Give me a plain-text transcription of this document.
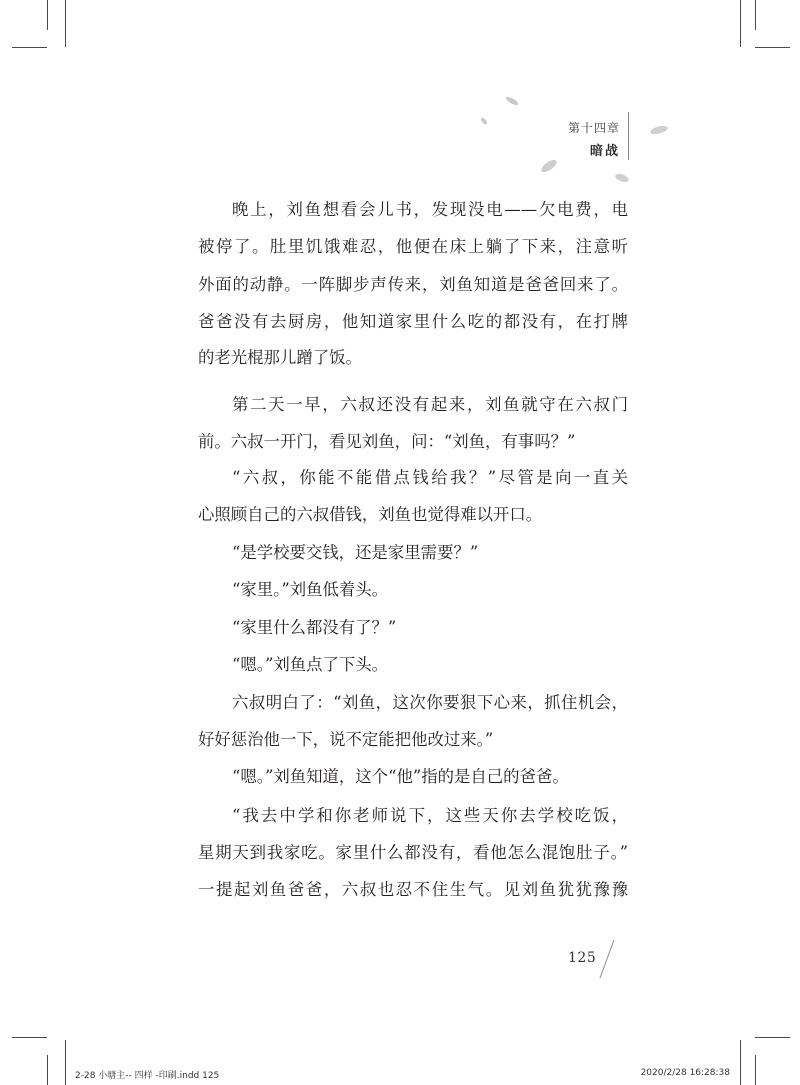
第十四章
暗战
晚上，刘鱼想看会儿书，发现没电——欠电费，电
被停了。肚里饥饿难忍，他便在床上躺了下来，注意听
外面的动静。一阵脚步声传来，刘鱼知道是爸爸回来了。
爸爸没有去厨房，他知道家里什么吃的都没有，在打牌
的老光棍那儿蹭了饭。
第二天一早，六叔还没有起来，刘鱼就守在六叔门
前。六叔一开门，看见刘鱼，问：“刘鱼，有事吗？”
“六叔，你能不能借点钱给我？”尽管是向一直关
心照顾自己的六叔借钱，刘鱼也觉得难以开口。
“是学校要交钱，还是家里需要？”
“家里。”刘鱼低着头。
“家里什么都没有了？”
“嗯。”刘鱼点了下头。
六叔明白了：“刘鱼，这次你要狠下心来，抓住机会，
好好惩治他一下，说不定能把他改过来。”
“嗯。”刘鱼知道，这个“他”指的是自己的爸爸。
“我去中学和你老师说下，这些天你去学校吃饭，
星期天到我家吃。家里什么都没有，看他怎么混饱肚子。”
一提起刘鱼爸爸，六叔也忍不住生气。见刘鱼犹犹豫豫
125
2-28 小塘主-- 四样 -印刷.indd 125	2020/2/28 16:28:38
